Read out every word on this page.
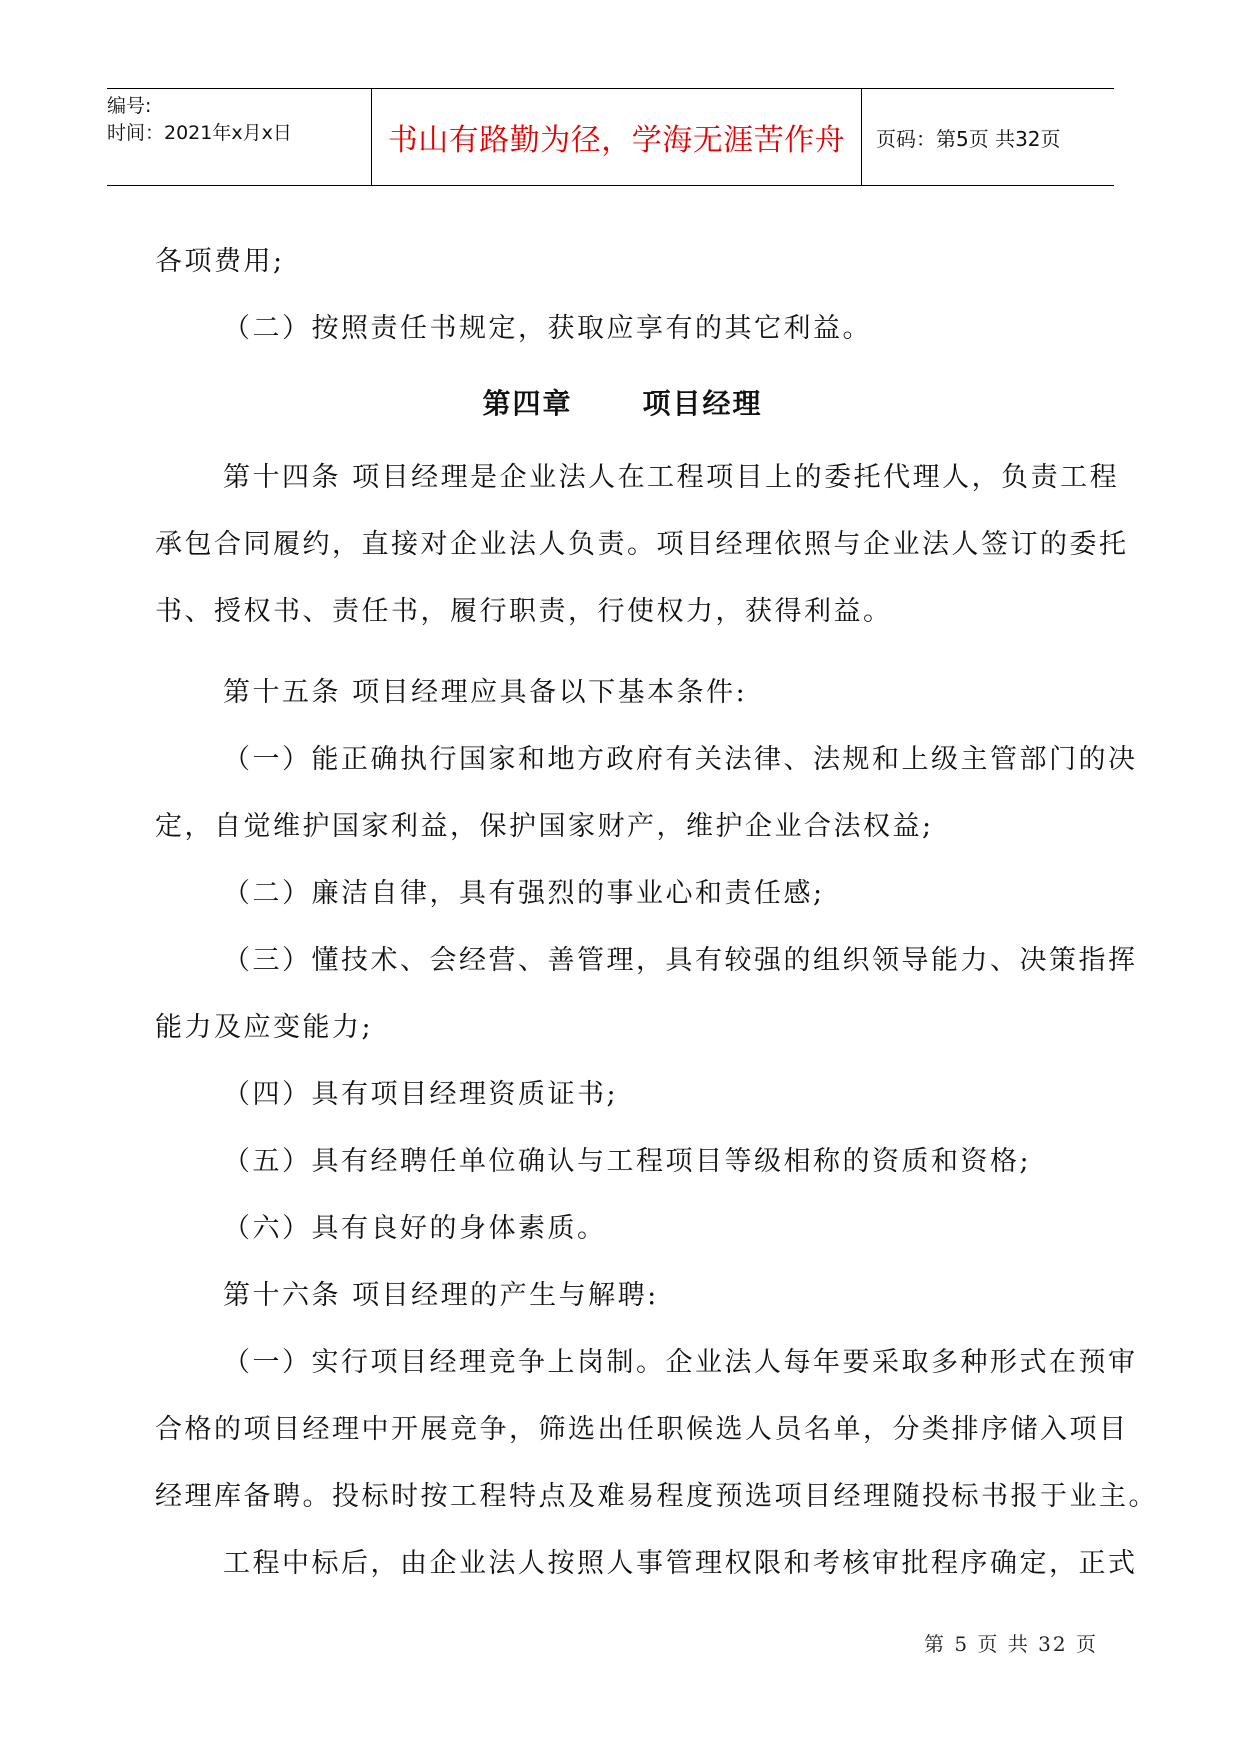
编号:
时间：2021年x月x日	书山有路勤为径，学海无涯苦作舟 页码：第5页 共32页

各项费用;

（二）按照责任书规定，获取应享有的其它利益。

第四章	项目经理

第十四条 项目经理是企业法人在工程项目上的委托代理人，负责工程

承包合同履约，直接对企业法人负责。项目经理依照与企业法人签订的委托

书、授权书、责任书，履行职责，行使权力，获得利益。

第十五条 项目经理应具备以下基本条件:

（一）能正确执行国家和地方政府有关法律、法规和上级主管部门的决

定，自觉维护国家利益，保护国家财产，维护企业合法权益;

（二）廉洁自律，具有强烈的事业心和责任感;

（三）懂技术、会经营、善管理，具有较强的组织领导能力、决策指挥

能力及应变能力;

（四）具有项目经理资质证书;

（五）具有经聘任单位确认与工程项目等级相称的资质和资格;

（六）具有良好的身体素质。

第十六条 项目经理的产生与解聘:

（一）实行项目经理竞争上岗制。企业法人每年要采取多种形式在预审

合格的项目经理中开展竞争，筛选出任职候选人员名单，分类排序储入项目

经理库备聘。投标时按工程特点及难易程度预选项目经理随投标书报于业主。

工程中标后，由企业法人按照人事管理权限和考核审批程序确定，正式

第 5 页 共 32 页
